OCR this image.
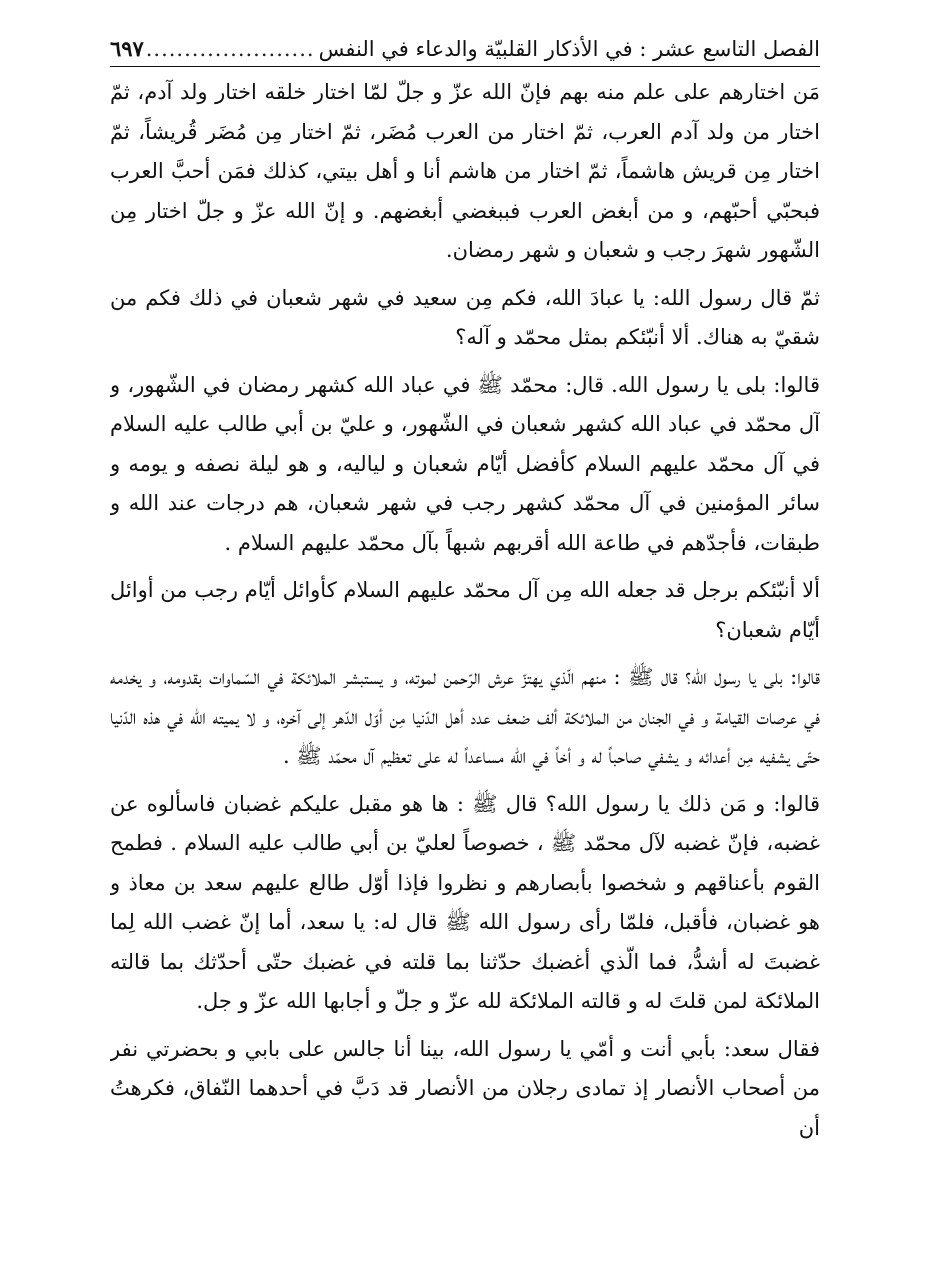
الفصل التاسع عشر : في الأذكار القلبيّة والدعاء في النفس
.....
٦٩٧

مَن اختارهم على علم منه بهم فإنّ الله عزّ و جلّ لمّا اختار خلقه اختار ولد آدم، ثمّ اختار من ولد آدم العرب، ثمّ اختار من العرب مُضَر، ثمّ اختار مِن مُضَر قُريشاً، ثمّ اختار مِن قريش هاشماً، ثمّ اختار من هاشم أنا و أهل بيتي، كذلك فمَن أحبَّ العرب فبحبّي أحبّهم، و من أبغض العرب فببغضي أبغضهم. و إنّ الله عزّ و جلّ اختار مِن الشّهور شهرَ رجب و شعبان و شهر رمضان.

ثمّ قال رسول الله: يا عبادَ الله، فكم مِن سعيد في شهر شعبان في ذلك فكم من شقيّ به هناك. ألا أنبّئكم بمثل محمّد و آله؟

قالوا: بلى يا رسول الله. قال: محمّد ﷺ في عباد الله كشهر رمضان في الشّهور، و آل محمّد في عباد الله كشهر شعبان في الشّهور، و عليّ بن أبي طالب عليه السلام في آل محمّد عليهم السلام كأفضل أيّام شعبان و لياليه، و هو ليلة نصفه و يومه و سائر المؤمنين في آل محمّد كشهر رجب في شهر شعبان، هم درجات عند الله و طبقات، فأجدّهم في طاعة الله أقربهم شبهاً بآل محمّد عليهم السلام .

ألا أنبّئكم برجل قد جعله الله مِن آل محمّد عليهم السلام كأوائل أيّام رجب من أوائل أيّام شعبان؟

قالوا: بلى يا رسول الله؟ قال ﷺ : منهم الّذي يهتزّ عرش الرّحمن لموته، و يستبشر الملائكة في السّماوات بقدومه، و يخدمه في عرصات القيامة و في الجنان من الملائكة ألف ضعف عدد أهل الدّنيا مِن أوّل الدّهر إلى آخره، و لا يميته الله في هذه الدّنيا حتّى يشفيه مِن أعدائه و يشفي صاحباً له و أخاً في الله مساعداً له على تعظيم آل محمّد ﷺ .

قالوا: و مَن ذلك يا رسول الله؟ قال ﷺ : ها هو مقبل عليكم غضبان فاسألوه عن غضبه، فإنّ غضبه لآل محمّد ﷺ ، خصوصاً لعليّ بن أبي طالب عليه السلام . فطمح القوم بأعناقهم و شخصوا بأبصارهم و نظروا فإذا أوّل طالع عليهم سعد بن معاذ و هو غضبان، فأقبل، فلمّا رأى رسول الله ﷺ قال له: يا سعد، أما إنّ غضب الله لِما غضبتَ له أشدُّ، فما الّذي أغضبك حدّثنا بما قلته في غضبك حتّى أحدّثك بما قالته الملائكة لمن قلتَ له و قالته الملائكة لله عزّ و جلّ و أجابها الله عزّ و جل.

فقال سعد: بأبي أنت و أمّي يا رسول الله، بينا أنا جالس على بابي و بحضرتي نفر من أصحاب الأنصار إذ تمادى رجلان من الأنصار قد دَبَّ في أحدهما النّفاق، فكرهتُ أن
